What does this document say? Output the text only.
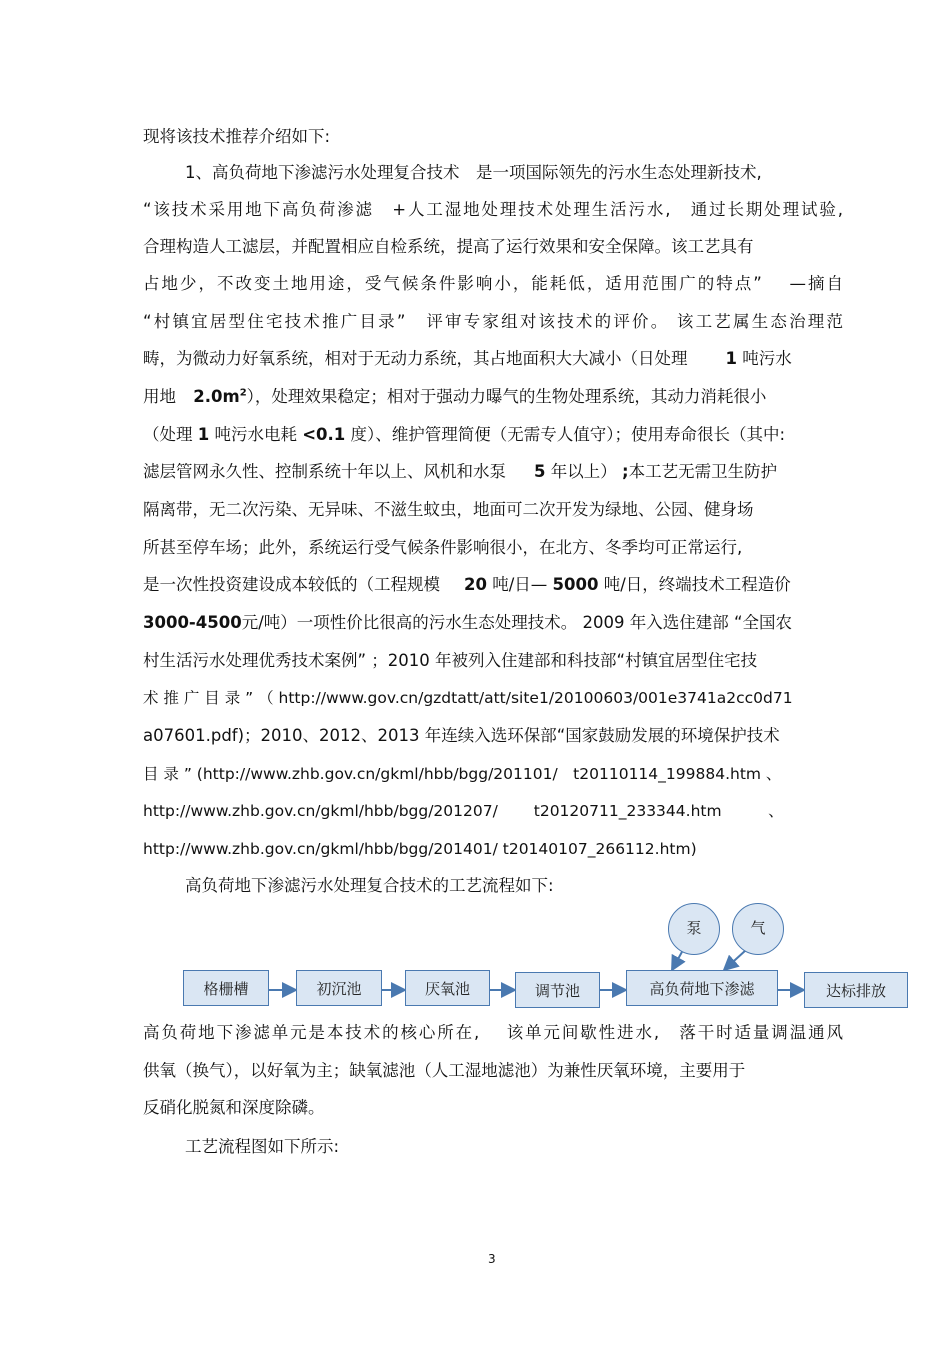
现将该技术推荐介绍如下:
1、高负荷地下渗滤污水处理复合技术　是一项国际领先的污水生态处理新技术,
“该技术采用地下高负荷渗滤　+人工湿地处理技术处理生活污水,　通过长期处理试验,
合理构造人工滤层，并配置相应自检系统，提高了运行效果和安全保障。该工艺具有
占地少，不改变土地用途，受气候条件影响小，能耗低，适用范围广的特点”　 —摘自
“村镇宜居型住宅技术推广目录”　评审专家组对该技术的评价。 该工艺属生态治理范
畴，为微动力好氧系统，相对于无动力系统，其占地面积大大减小（日处理 1 吨污水
用地 $2.0m^2$），处理效果稳定；相对于强动力曝气的生物处理系统，其动力消耗很小
（处理 1 吨污水电耗 <0.1 度）、维护管理简便（无需专人值守）；使用寿命很长（其中:
滤层管网永久性、控制系统十年以上、风机和水泵 5 年以上） ;本工艺无需卫生防护
隔离带，无二次污染、无异味、不滋生蚊虫，地面可二次开发为绿地、公园、健身场
所甚至停车场；此外，系统运行受气候条件影响很小，在北方、冬季均可正常运行,
是一次性投资建设成本较低的（工程规模 20 吨/日— 5000 吨/日，终端技术工程造价
3000-4500元/吨）一项性价比很高的污水生态处理技术。 2009 年入选住建部 “全国农
村生活污水处理优秀技术案例” ；2010 年被列入住建部和科技部“村镇宜居型住宅技
术 推 广 目 录 ” （ http://www.gov.cn/gzdtatt/att/site1/20100603/001e3741a2cc0d71
a07601.pdf)；2010、2012、2013 年连续入选环保部“国家鼓励发展的环境保护技术
目 录 ” (http://www.zhb.gov.cn/gkml/hbb/bgg/201101/　t20110114_199884.htm 、
http://www.zhb.gov.cn/gkml/hbb/bgg/201207/　　 t20120711_233344.htm　　　、
http://www.zhb.gov.cn/gkml/hbb/bgg/201401/ t20140107_266112.htm)
高负荷地下渗滤污水处理复合技术的工艺流程如下:
格栅槽	初沉池	厌氧池	调节池	高负荷地下渗滤	达标排放
泵	气
高负荷地下渗滤单元是本技术的核心所在,　 该单元间歇性进水,　落干时适量调温通风
供氧（换气），以好氧为主；缺氧滤池（人工湿地滤池）为兼性厌氧环境，主要用于
反硝化脱氮和深度除磷。
工艺流程图如下所示:
3
